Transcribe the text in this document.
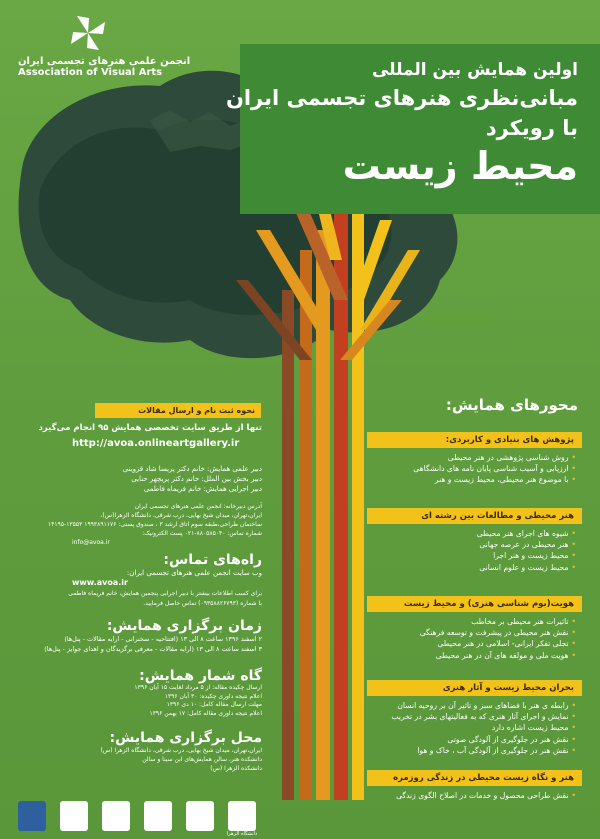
انجمن علمی هنرهای تجسمی ایران
Association of Visual Arts	اولین همایش بین المللی
مبانی‌نظری هنرهای تجسمی ایران
با رویکرد
محیط زیست
محورهای همایش:
پژوهش های بنیادی و کاربردی:
• روش شناسی پژوهشی در هنر محیطی
• ارزیابی و آسیب شناسی پایان نامه های دانشگاهی
• با موضوع هنر محیطی، محیط زیست و هنر
هنر محیطی و مطالعات بین رشته ای
• شیوه های اجرای هنر محیطی
• هنر محیطی در عرصه جهانی
• محیط زیست و هنر اجرا
• محیط زیست و علوم انسانی
هویت(بوم شناسی هنری) و محیط زیست
• تاثیرات هنر محیطی بر مخاطب
• نقش هنر محیطی در پیشرفت و توسعه فرهنگی
• تجلی تفکر ایرانی- اسلامی در هنر محیطی
• هویت ملی و مولفه های آن در هنر محیطی
بحران محیط زیست و آثار هنری
• رابطه ی هنر با فضاهای سبز و تاثیر آن بر روحیه انسان
• نمایش و اجرای آثار هنری که به فعالیتهای بشر در تخریب
• محیط زیست اشاره دارد
• نقش هنر در جلوگیری از آلودگی صوتی
• نقش هنر در جلوگیری از آلودگی آب ، خاک و هوا
هنر و نگاه زیست محیطی در زندگی روزمره
• نقش طراحی محصول و خدمات در اصلاح الگوی زندگی
نحوه ثبت نام و ارسال مقالات
تنها از طریق سایت تخصصی همایش ۹۵ انجام می‌گیرد
http://avoa.onlineartgallery.ir
دبیر علمی همایش: خانم دکتر پریسا شاد قزوینی
دبیر بخش بین الملل: خانم دکتر پریچهر حنایی
دبیر اجرایی همایش: خانم فریماه فاطمی
آدرس دبیرخانه: انجمن علمی هنرهای تجسمی ایران
ایران،تهران، میدان شیخ بهایی، درب شرقی، دانشگاه الزهرا(س)،
ساختمان طراحی،طبقه سوم اتاق ارشد ۳ ، صندوق پستی: ۱۹۹۳۸۹۱۱۷۶ ۱۳۵۵۳-۱۴۱۹۵
شماره تماس: ۸۸۰۵۸۵۰۴۰-۰۲۱ پست الکترونیک:
info@avoa.ir
راه‌های تماس:
وب سایت انجمن علمی هنرهای تجسمی ایران:
www.avoa.ir
برای کسب اطلاعات بیشتر با دبیر اجرایی پنجمین همایش، خانم فریماه فاطمی
با شماره (۰۹۳۵۸۸۲۶۷۹۳) تماس حاصل فرمایید.
زمان برگزاری همایش:
۲ اسفند ۱۳۹۶ ساعت ۸ الی ۱۳ (افتتاحیه - سخنرانی - ارایه مقالات - پنل‌ها)
۳ اسفند ساعت ۸ الی ۱۳ (ارایه مقالات - معرفی برگزیدگان و اهدای جوایز - پنل‌ها)
گاه شمار همایش:
ارسال چکیده مقاله: از ۵ مرداد لغایت ۱۵ آبان ۱۳۹۶
اعلام نتیجه داوری چکیده: ۳۰ آبان ۱۳۹۶
مهلت ارسال مقاله کامل: ۱۰ دی ۱۳۹۶
اعلام نتیجه داوری مقاله کامل: ۱۷ بهمن ۱۳۹۶
محل برگزاری همایش:
ایران،تهران، میدان شیخ بهایی، درب شرقی، دانشگاه الزهرا (س)
دانشکده هنر، سالن همایش‌های ابن سینا و سالن
دانشکده الزهرا (س)
دانشگاه الزهرا
